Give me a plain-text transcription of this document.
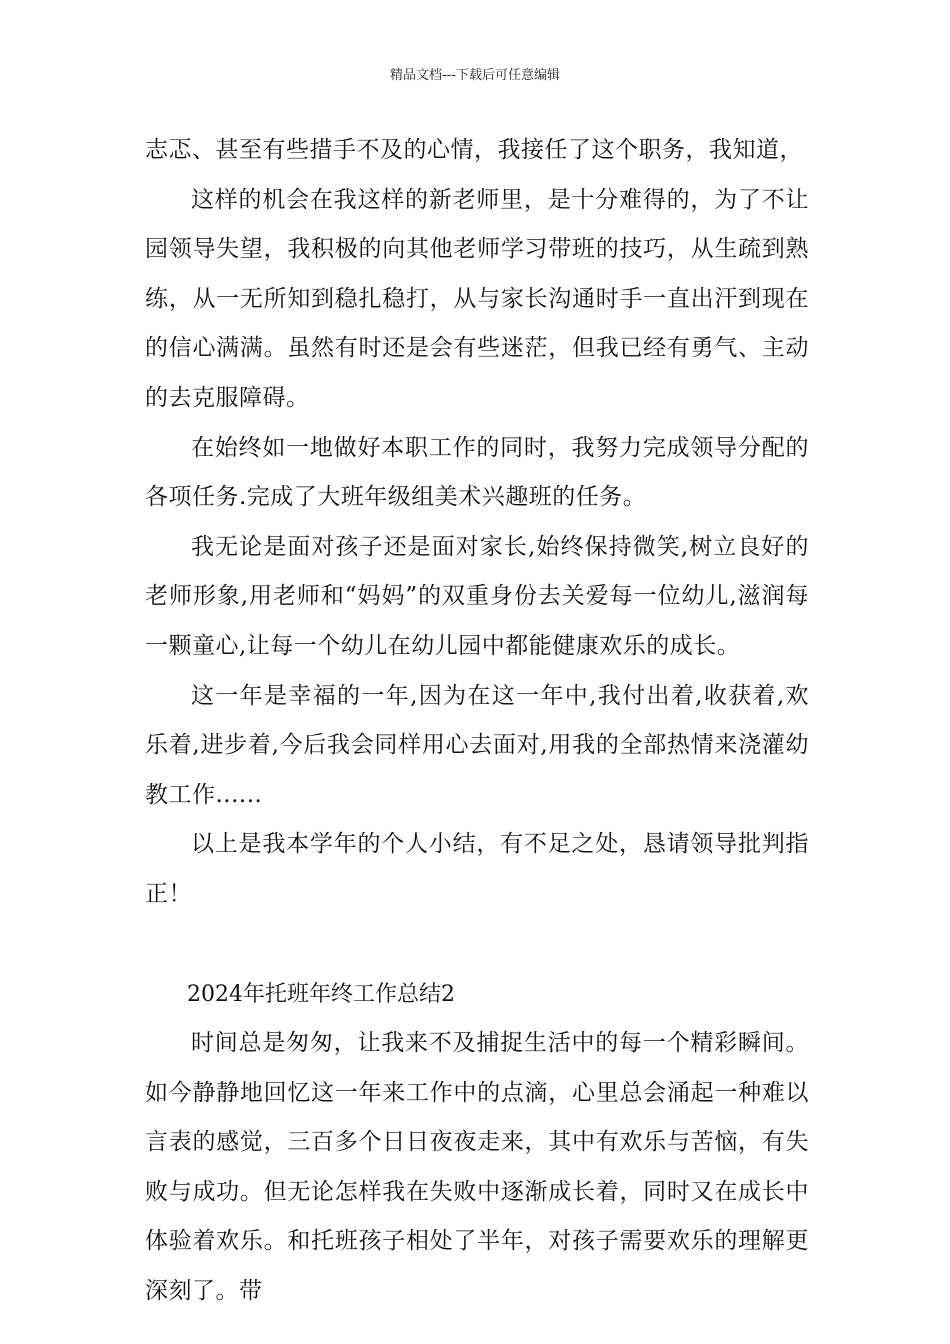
精品文档---下载后可任意编辑

志忑、甚至有些措手不及的心情，我接任了这个职务，我知道，

这样的机会在我这样的新老师里，是十分难得的，为了不让园领导失望，我积极的向其他老师学习带班的技巧，从生疏到熟练，从一无所知到稳扎稳打，从与家长沟通时手一直出汗到现在的信心满满。虽然有时还是会有些迷茫，但我已经有勇气、主动的去克服障碍。

在始终如一地做好本职工作的同时，我努力完成领导分配的各项任务.完成了大班年级组美术兴趣班的任务。

我无论是面对孩子还是面对家长,始终保持微笑,树立良好的老师形象,用老师和“妈妈”的双重身份去关爱每一位幼儿,滋润每一颗童心,让每一个幼儿在幼儿园中都能健康欢乐的成长。

这一年是幸福的一年,因为在这一年中,我付出着,收获着,欢乐着,进步着,今后我会同样用心去面对,用我的全部热情来浇灌幼教工作......

以上是我本学年的个人小结，有不足之处，恳请领导批判指正！

2024年托班年终工作总结2

时间总是匆匆，让我来不及捕捉生活中的每一个精彩瞬间。如今静静地回忆这一年来工作中的点滴，心里总会涌起一种难以言表的感觉，三百多个日日夜夜走来，其中有欢乐与苦恼，有失败与成功。但无论怎样我在失败中逐渐成长着，同时又在成长中体验着欢乐。和托班孩子相处了半年，对孩子需要欢乐的理解更深刻了。带
